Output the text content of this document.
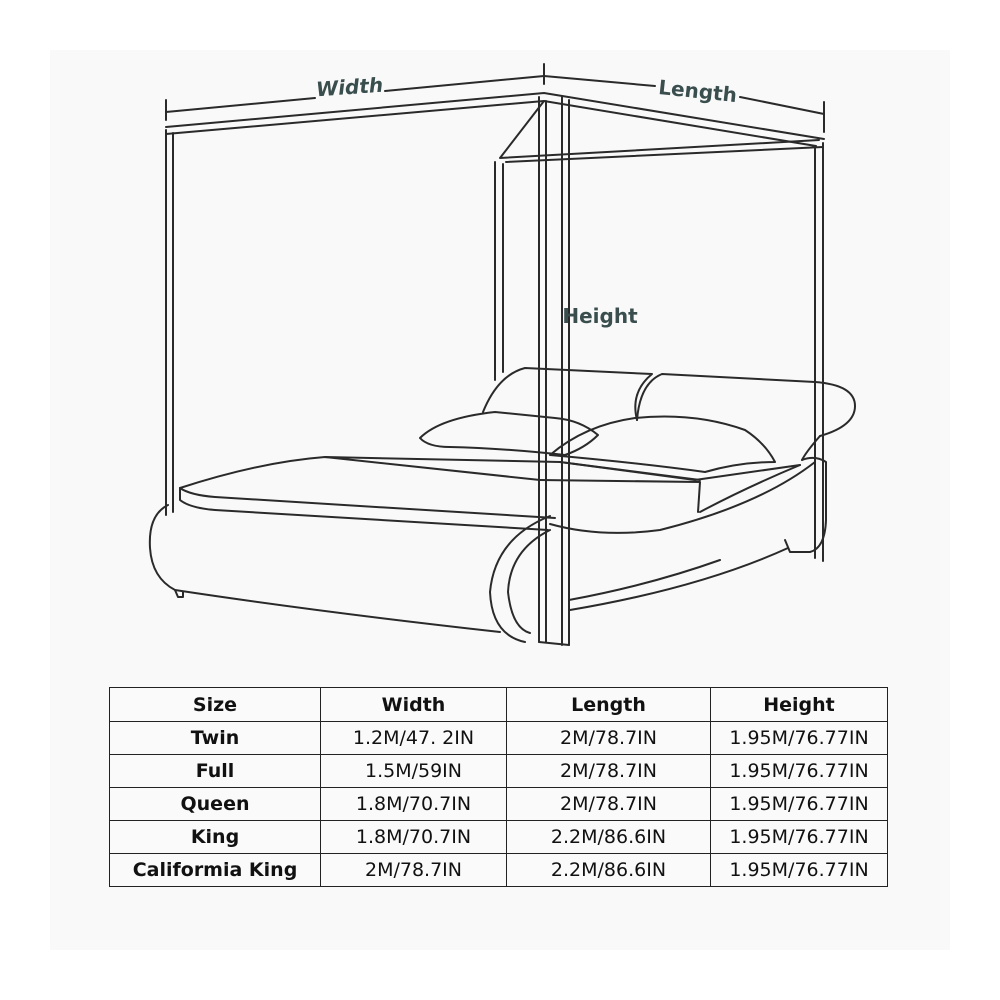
Width	Length
Height
Size	Width	Length	Height
Twin	1.2M/47. 2IN	2M/78.7IN	1.95M/76.77IN
Full	1.5M/59IN	2M/78.7IN	1.95M/76.77IN
Queen	1.8M/70.7IN	2M/78.7IN	1.95M/76.77IN
King	1.8M/70.7IN	2.2M/86.6IN	1.95M/76.77IN
Califormia King	2M/78.7IN	2.2M/86.6IN	1.95M/76.77IN
